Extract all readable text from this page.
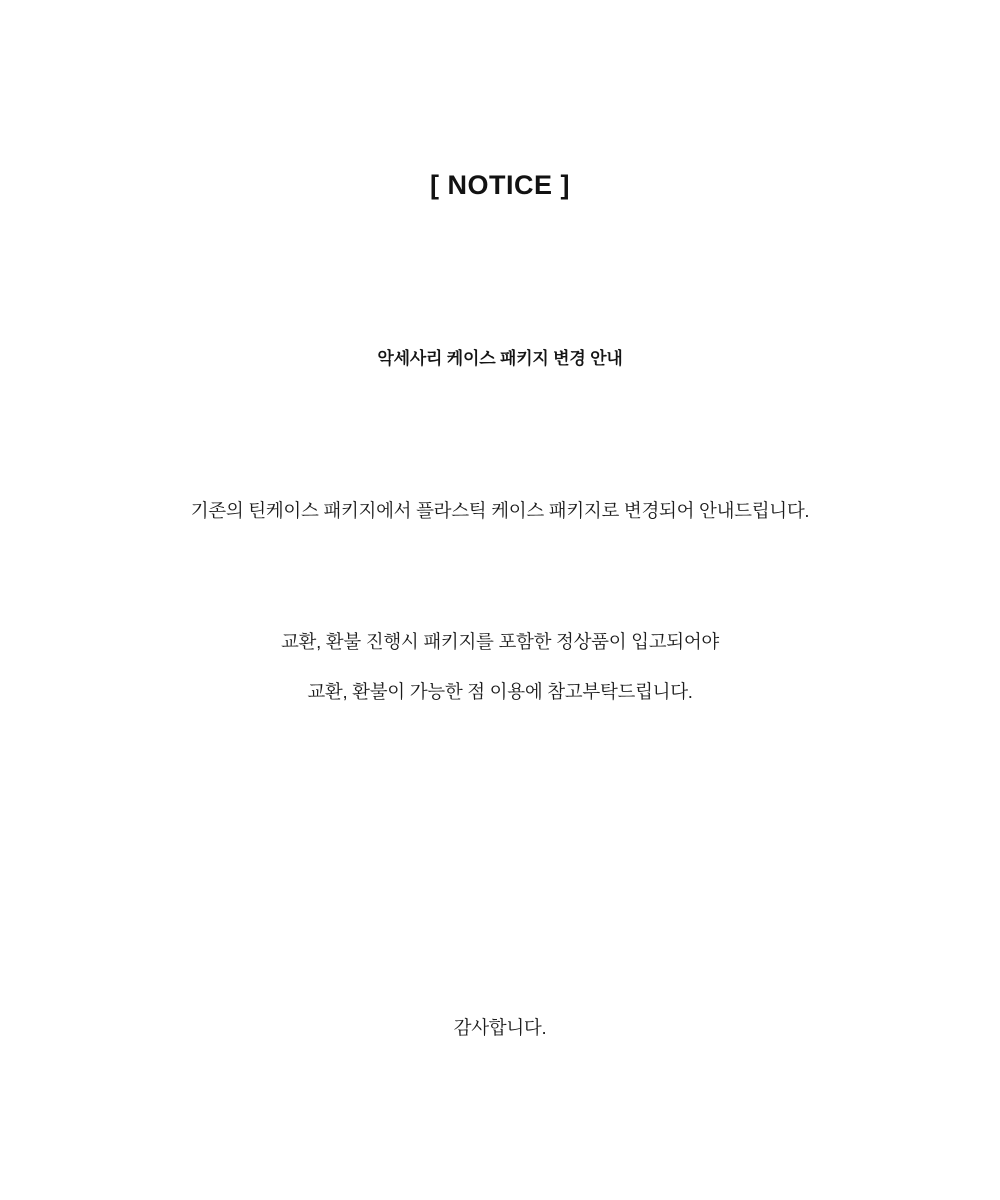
[ NOTICE ]
악세사리 케이스 패키지 변경 안내
기존의 틴케이스 패키지에서 플라스틱 케이스 패키지로 변경되어 안내드립니다.
교환, 환불 진행시 패키지를 포함한 정상품이 입고되어야
교환, 환불이 가능한 점 이용에 참고부탁드립니다.
감사합니다.
